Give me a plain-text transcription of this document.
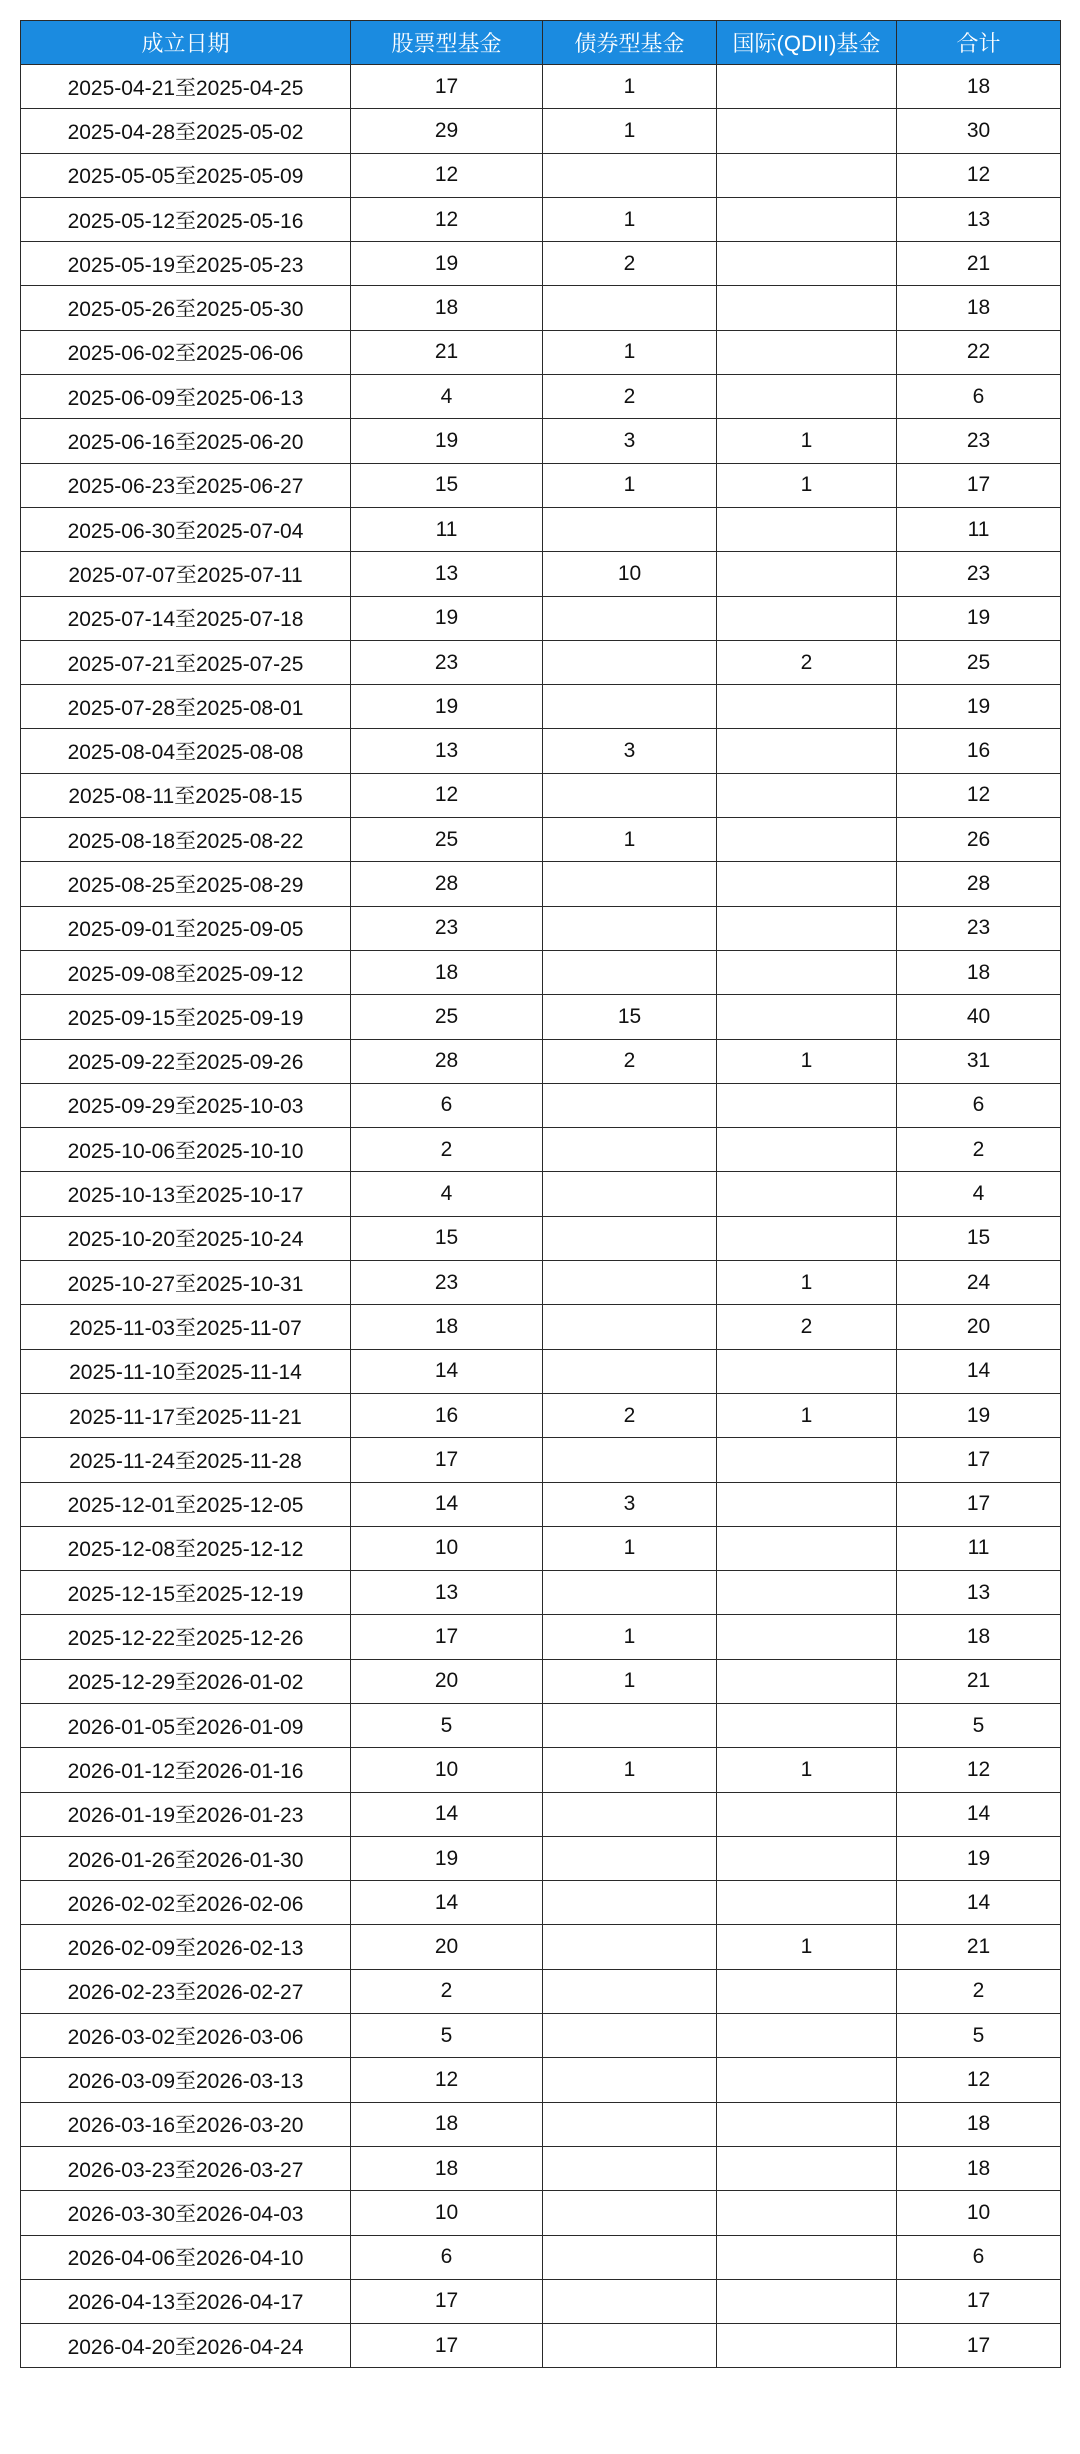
成立日期	股票型基金	债券型基金	国际(QDII)基金	合计
2025-04-21至2025-04-25	17	1		18
2025-04-28至2025-05-02	29	1		30
2025-05-05至2025-05-09	12			12
2025-05-12至2025-05-16	12	1		13
2025-05-19至2025-05-23	19	2		21
2025-05-26至2025-05-30	18			18
2025-06-02至2025-06-06	21	1		22
2025-06-09至2025-06-13	4	2		6
2025-06-16至2025-06-20	19	3	1	23
2025-06-23至2025-06-27	15	1	1	17
2025-06-30至2025-07-04	11			11
2025-07-07至2025-07-11	13	10		23
2025-07-14至2025-07-18	19			19
2025-07-21至2025-07-25	23		2	25
2025-07-28至2025-08-01	19			19
2025-08-04至2025-08-08	13	3		16
2025-08-11至2025-08-15	12			12
2025-08-18至2025-08-22	25	1		26
2025-08-25至2025-08-29	28			28
2025-09-01至2025-09-05	23			23
2025-09-08至2025-09-12	18			18
2025-09-15至2025-09-19	25	15		40
2025-09-22至2025-09-26	28	2	1	31
2025-09-29至2025-10-03	6			6
2025-10-06至2025-10-10	2			2
2025-10-13至2025-10-17	4			4
2025-10-20至2025-10-24	15			15
2025-10-27至2025-10-31	23		1	24
2025-11-03至2025-11-07	18		2	20
2025-11-10至2025-11-14	14			14
2025-11-17至2025-11-21	16	2	1	19
2025-11-24至2025-11-28	17			17
2025-12-01至2025-12-05	14	3		17
2025-12-08至2025-12-12	10	1		11
2025-12-15至2025-12-19	13			13
2025-12-22至2025-12-26	17	1		18
2025-12-29至2026-01-02	20	1		21
2026-01-05至2026-01-09	5			5
2026-01-12至2026-01-16	10	1	1	12
2026-01-19至2026-01-23	14			14
2026-01-26至2026-01-30	19			19
2026-02-02至2026-02-06	14			14
2026-02-09至2026-02-13	20		1	21
2026-02-23至2026-02-27	2			2
2026-03-02至2026-03-06	5			5
2026-03-09至2026-03-13	12			12
2026-03-16至2026-03-20	18			18
2026-03-23至2026-03-27	18			18
2026-03-30至2026-04-03	10			10
2026-04-06至2026-04-10	6			6
2026-04-13至2026-04-17	17			17
2026-04-20至2026-04-24	17			17
